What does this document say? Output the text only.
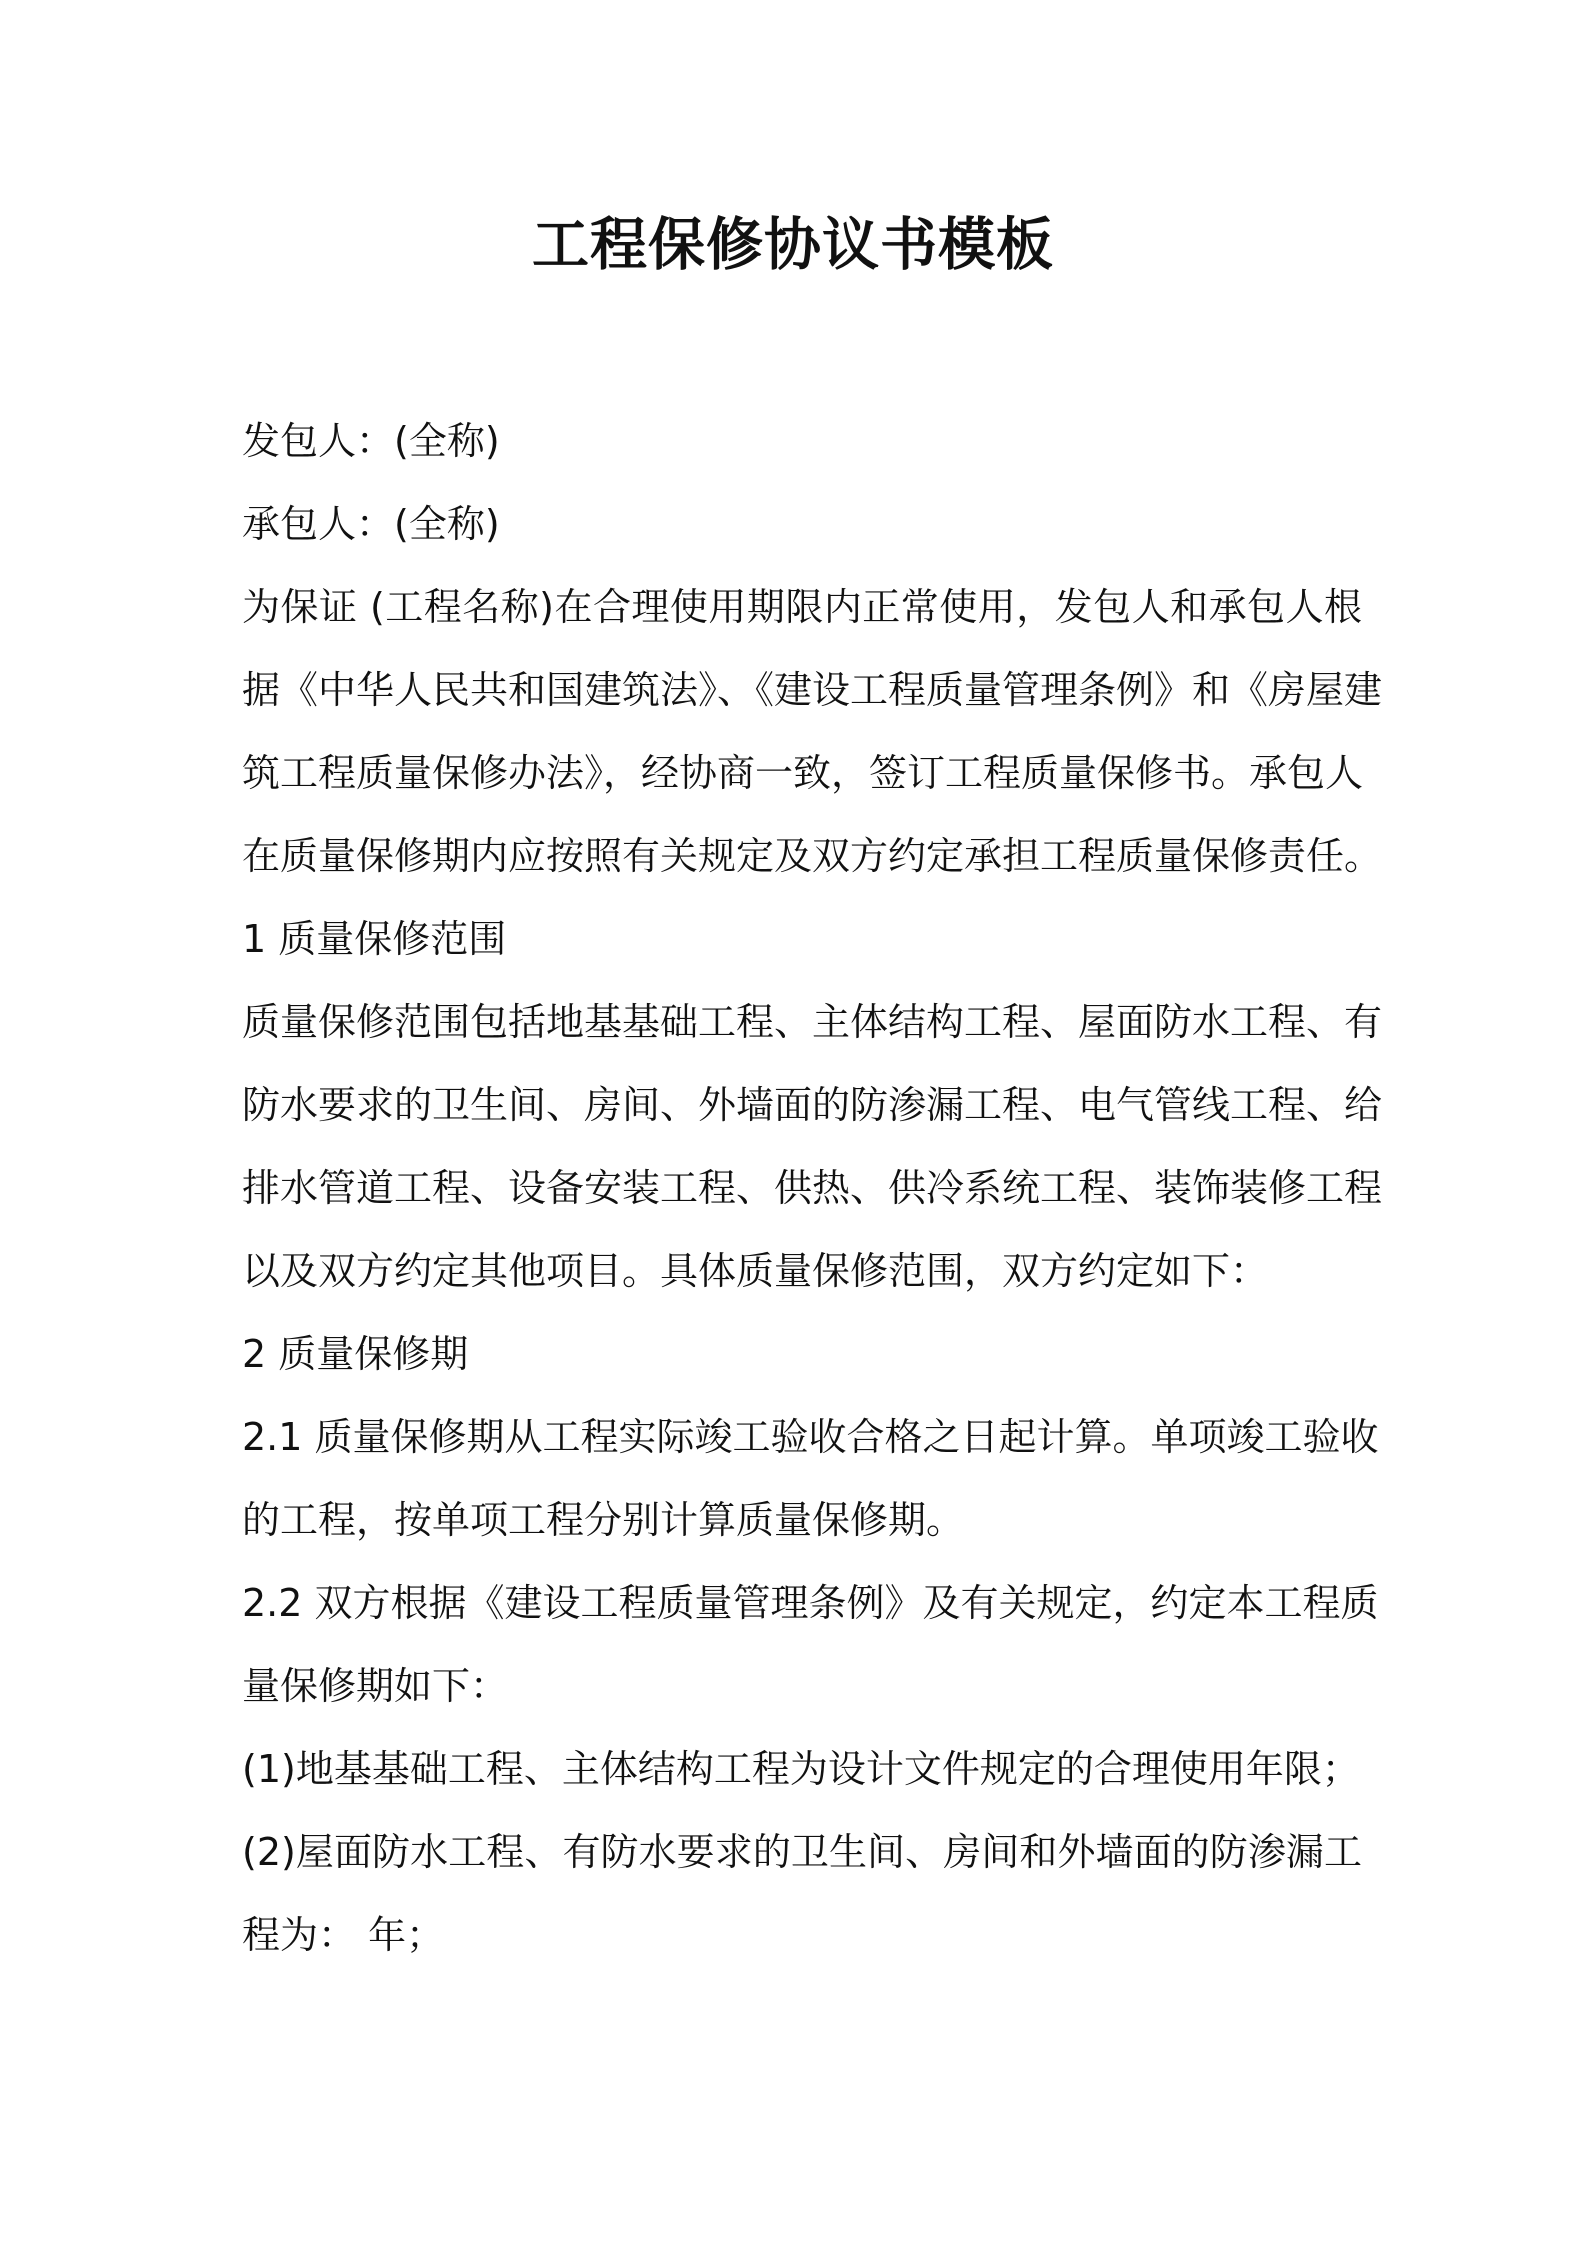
工程保修协议书模板
发包人：(全称)
承包人：(全称)
为保证 (工程名称)在合理使用期限内正常使用，发包人和承包人根
据《中华人民共和国建筑法》、《建设工程质量管理条例》和《房屋建
筑工程质量保修办法》，经协商一致，签订工程质量保修书。承包人
在质量保修期内应按照有关规定及双方约定承担工程质量保修责任。
1 质量保修范围
质量保修范围包括地基基础工程、主体结构工程、屋面防水工程、有
防水要求的卫生间、房间、外墙面的防渗漏工程、电气管线工程、给
排水管道工程、设备安装工程、供热、供冷系统工程、装饰装修工程
以及双方约定其他项目。具体质量保修范围，双方约定如下：
2 质量保修期
2.1 质量保修期从工程实际竣工验收合格之日起计算。单项竣工验收
的工程，按单项工程分别计算质量保修期。
2.2 双方根据《建设工程质量管理条例》及有关规定，约定本工程质
量保修期如下：
(1)地基基础工程、主体结构工程为设计文件规定的合理使用年限；
(2)屋面防水工程、有防水要求的卫生间、房间和外墙面的防渗漏工
程为： 年；
